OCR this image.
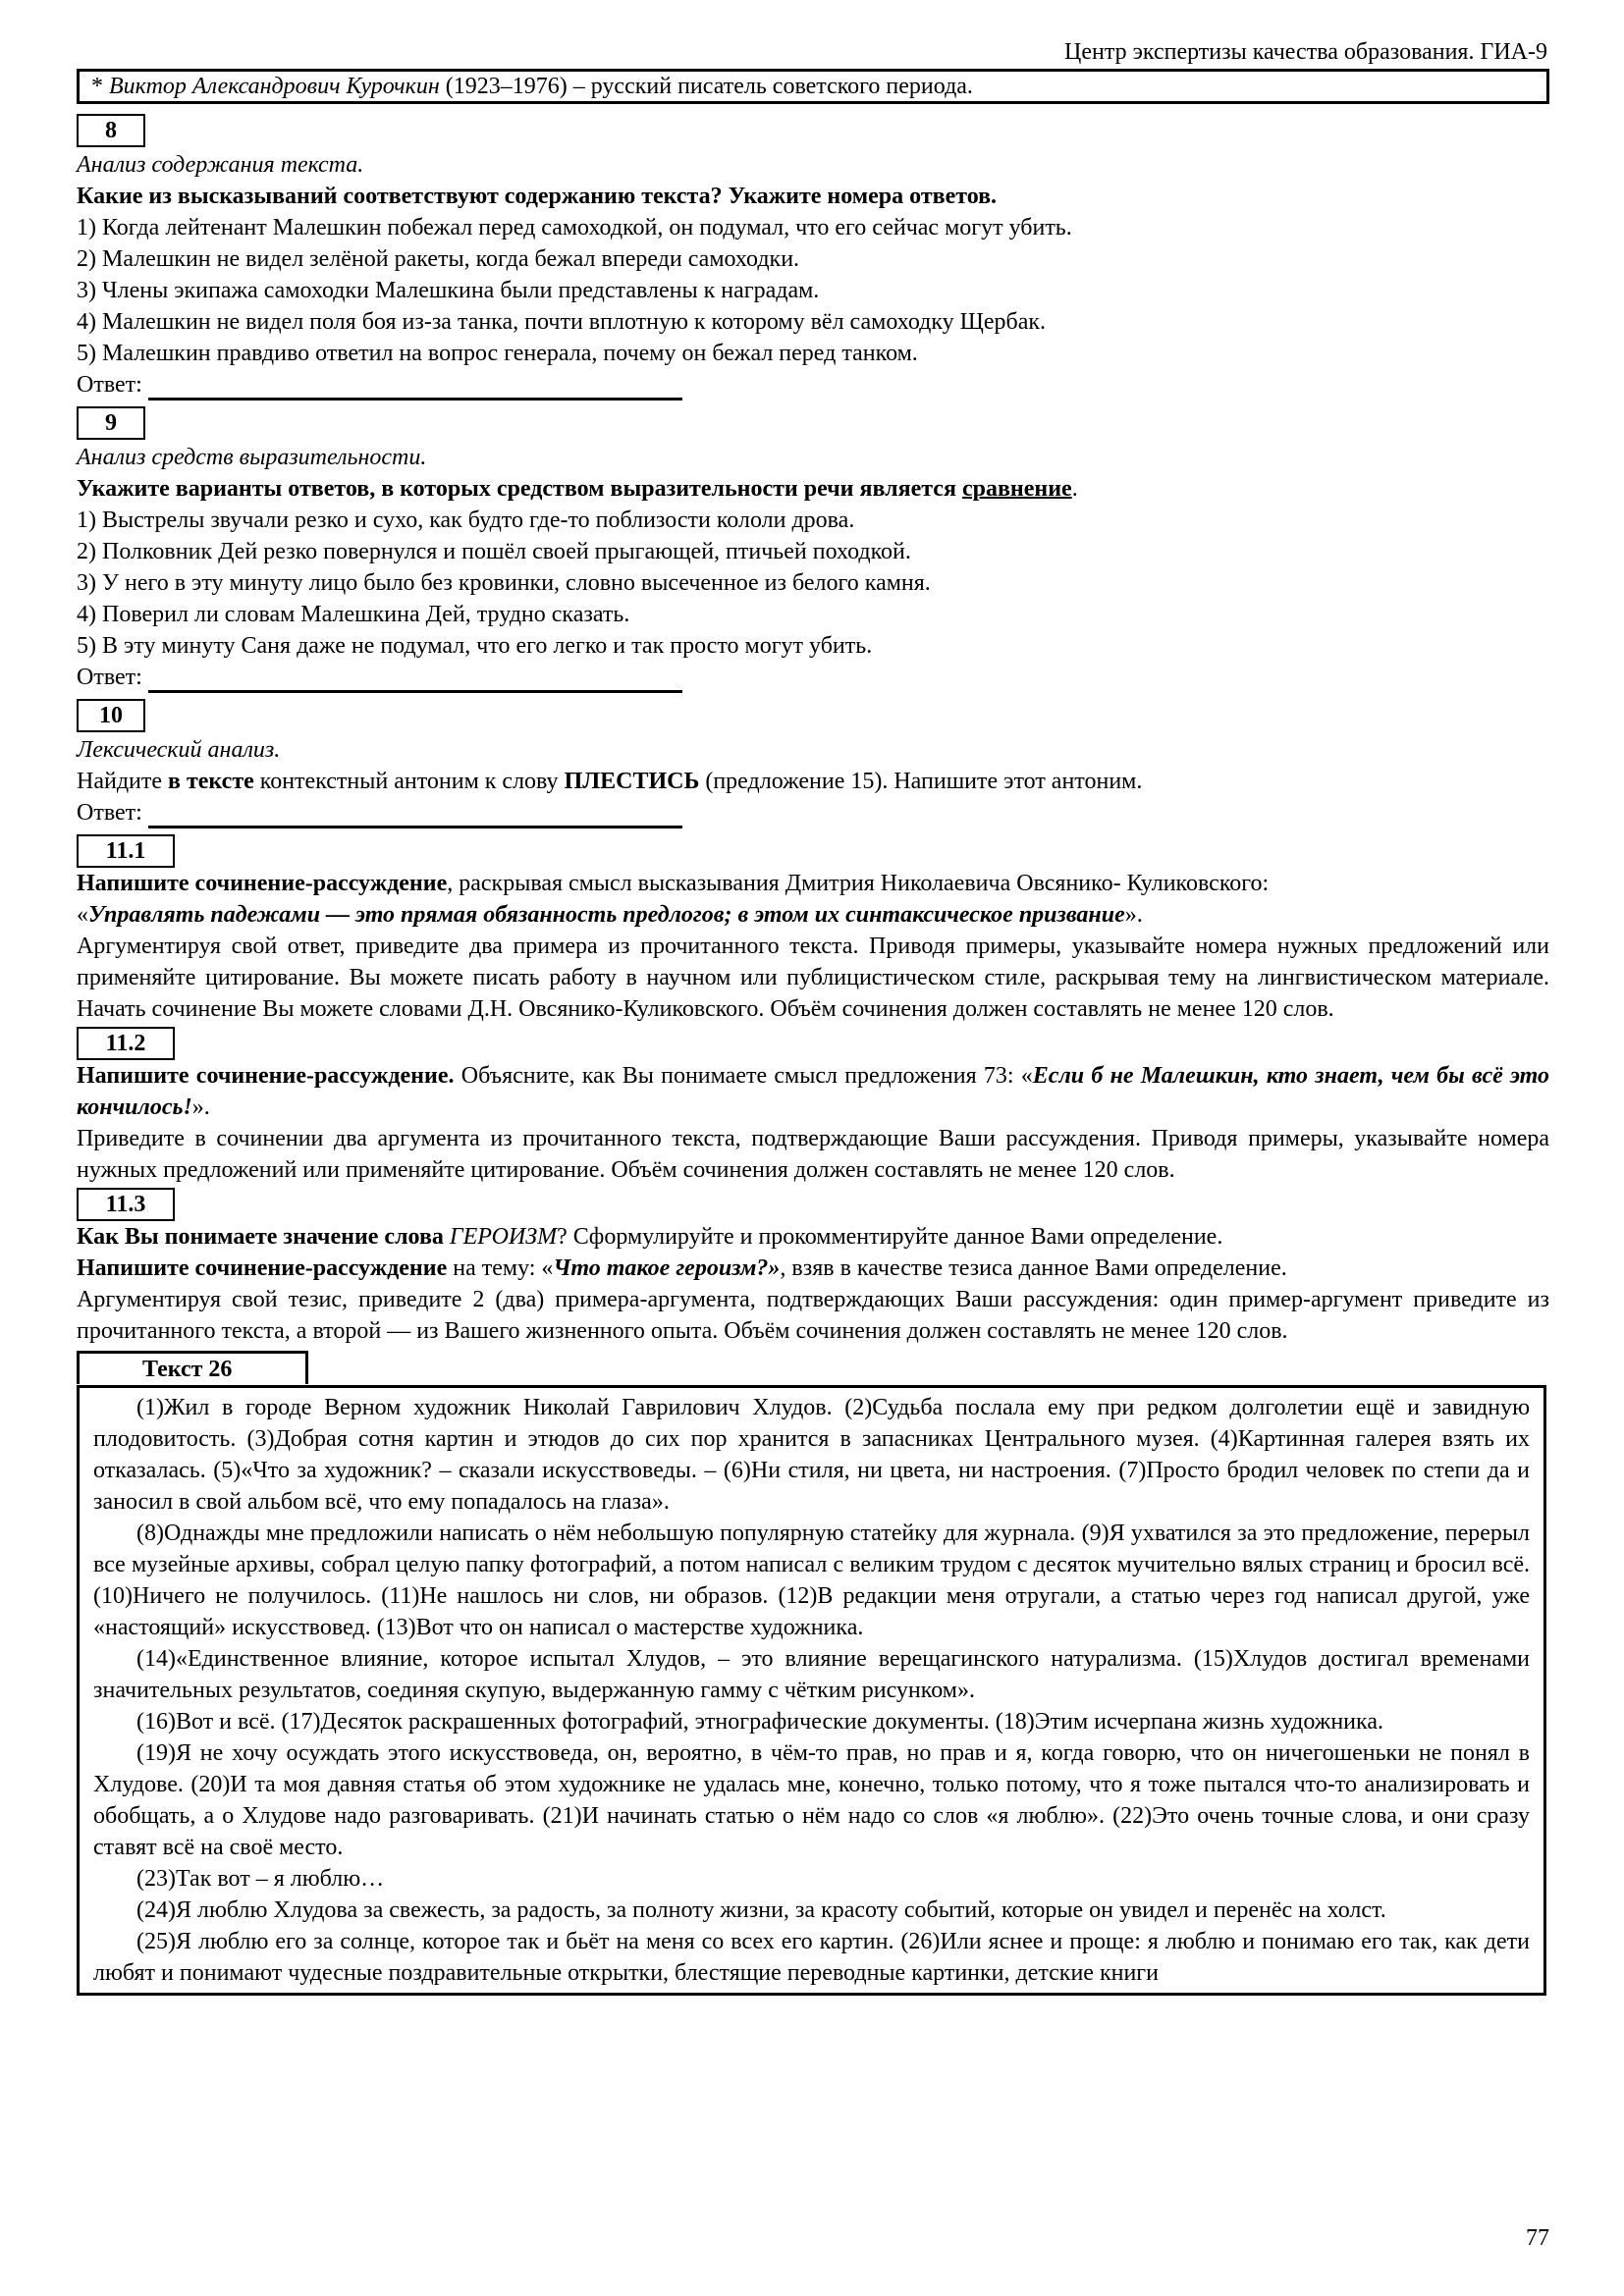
Центр экспертизы качества образования. ГИА-9
* Виктор Александрович Курочкин (1923–1976) – русский писатель советского периода.
8
Анализ содержания текста.
Какие из высказываний соответствуют содержанию текста? Укажите номера ответов.
1) Когда лейтенант Малешкин побежал перед самоходкой, он подумал, что его сейчас могут убить.
2) Малешкин не видел зелёной ракеты, когда бежал впереди самоходки.
3) Члены экипажа самоходки Малешкина были представлены к наградам.
4) Малешкин не видел поля боя из-за танка, почти вплотную к которому вёл самоходку Щербак.
5) Малешкин правдиво ответил на вопрос генерала, почему он бежал перед танком.
Ответ:
9
Анализ средств выразительности.
Укажите варианты ответов, в которых средством выразительности речи является сравнение.
1) Выстрелы звучали резко и сухо, как будто где-то поблизости кололи дрова.
2) Полковник Дей резко повернулся и пошёл своей прыгающей, птичьей походкой.
3) У него в эту минуту лицо было без кровинки, словно высеченное из белого камня.
4) Поверил ли словам Малешкина Дей, трудно сказать.
5) В эту минуту Саня даже не подумал, что его легко и так просто могут убить.
Ответ:
10
Лексический анализ.
Найдите в тексте контекстный антоним к слову ПЛЕСТИСЬ (предложение 15). Напишите этот антоним.
Ответ:
11.1
Напишите сочинение-рассуждение, раскрывая смысл высказывания Дмитрия Николаевича Овсянико- Куликовского:
«Управлять падежами — это прямая обязанность предлогов; в этом их синтаксическое призвание».
Аргументируя свой ответ, приведите два примера из прочитанного текста. Приводя примеры, указывайте номера нужных предложений или применяйте цитирование. Вы можете писать работу в научном или публицистическом стиле, раскрывая тему на лингвистическом материале. Начать сочинение Вы можете словами Д.Н. Овсянико-Куликовского. Объём сочинения должен составлять не менее 120 слов.
11.2
Напишите сочинение-рассуждение. Объясните, как Вы понимаете смысл предложения 73: «Если б не Малешкин, кто знает, чем бы всё это кончилось!».
Приведите в сочинении два аргумента из прочитанного текста, подтверждающие Ваши рассуждения. Приводя примеры, указывайте номера нужных предложений или применяйте цитирование. Объём сочинения должен составлять не менее 120 слов.
11.3
Как Вы понимаете значение слова ГЕРОИЗМ? Сформулируйте и прокомментируйте данное Вами определение.
Напишите сочинение-рассуждение на тему: «Что такое героизм?», взяв в качестве тезиса данное Вами определение.
Аргументируя свой тезис, приведите 2 (два) примера-аргумента, подтверждающих Ваши рассуждения: один пример-аргумент приведите из прочитанного текста, а второй — из Вашего жизненного опыта. Объём сочинения должен составлять не менее 120 слов.
Текст 26

(1)Жил в городе Верном художник Николай Гаврилович Хлудов. (2)Судьба послала ему при редком долголетии ещё и завидную плодовитость. (3)Добрая сотня картин и этюдов до сих пор хранится в запасниках Центрального музея. (4)Картинная галерея взять их отказалась. (5)«Что за художник? – сказали искусствоведы. – (6)Ни стиля, ни цвета, ни настроения. (7)Просто бродил человек по степи да и заносил в свой альбом всё, что ему попадалось на глаза».

(8)Однажды мне предложили написать о нём небольшую популярную статейку для журнала. (9)Я ухватился за это предложение, перерыл все музейные архивы, собрал целую папку фотографий, а потом написал с великим трудом с десяток мучительно вялых страниц и бросил всё. (10)Ничего не получилось. (11)Не нашлось ни слов, ни образов. (12)В редакции меня отругали, а статью через год написал другой, уже «настоящий» искусствовед. (13)Вот что он написал о мастерстве художника.

(14)«Единственное влияние, которое испытал Хлудов, – это влияние верещагинского натурализма. (15)Хлудов достигал временами значительных результатов, соединяя скупую, выдержанную гамму с чётким рисунком».

(16)Вот и всё. (17)Десяток раскрашенных фотографий, этнографические документы. (18)Этим исчерпана жизнь художника.

(19)Я не хочу осуждать этого искусствоведа, он, вероятно, в чём-то прав, но прав и я, когда говорю, что он ничегошеньки не понял в Хлудове. (20)И та моя давняя статья об этом художнике не удалась мне, конечно, только потому, что я тоже пытался что-то анализировать и обобщать, а о Хлудове надо разговаривать. (21)И начинать статью о нём надо со слов «я люблю». (22)Это очень точные слова, и они сразу ставят всё на своё место.

(23)Так вот – я люблю…

(24)Я люблю Хлудова за свежесть, за радость, за полноту жизни, за красоту событий, которые он увидел и перенёс на холст.

(25)Я люблю его за солнце, которое так и бьёт на меня со всех его картин. (26)Или яснее и проще: я люблю и понимаю его так, как дети любят и понимают чудесные поздравительные открытки, блестящие переводные картинки, детские книги

77
